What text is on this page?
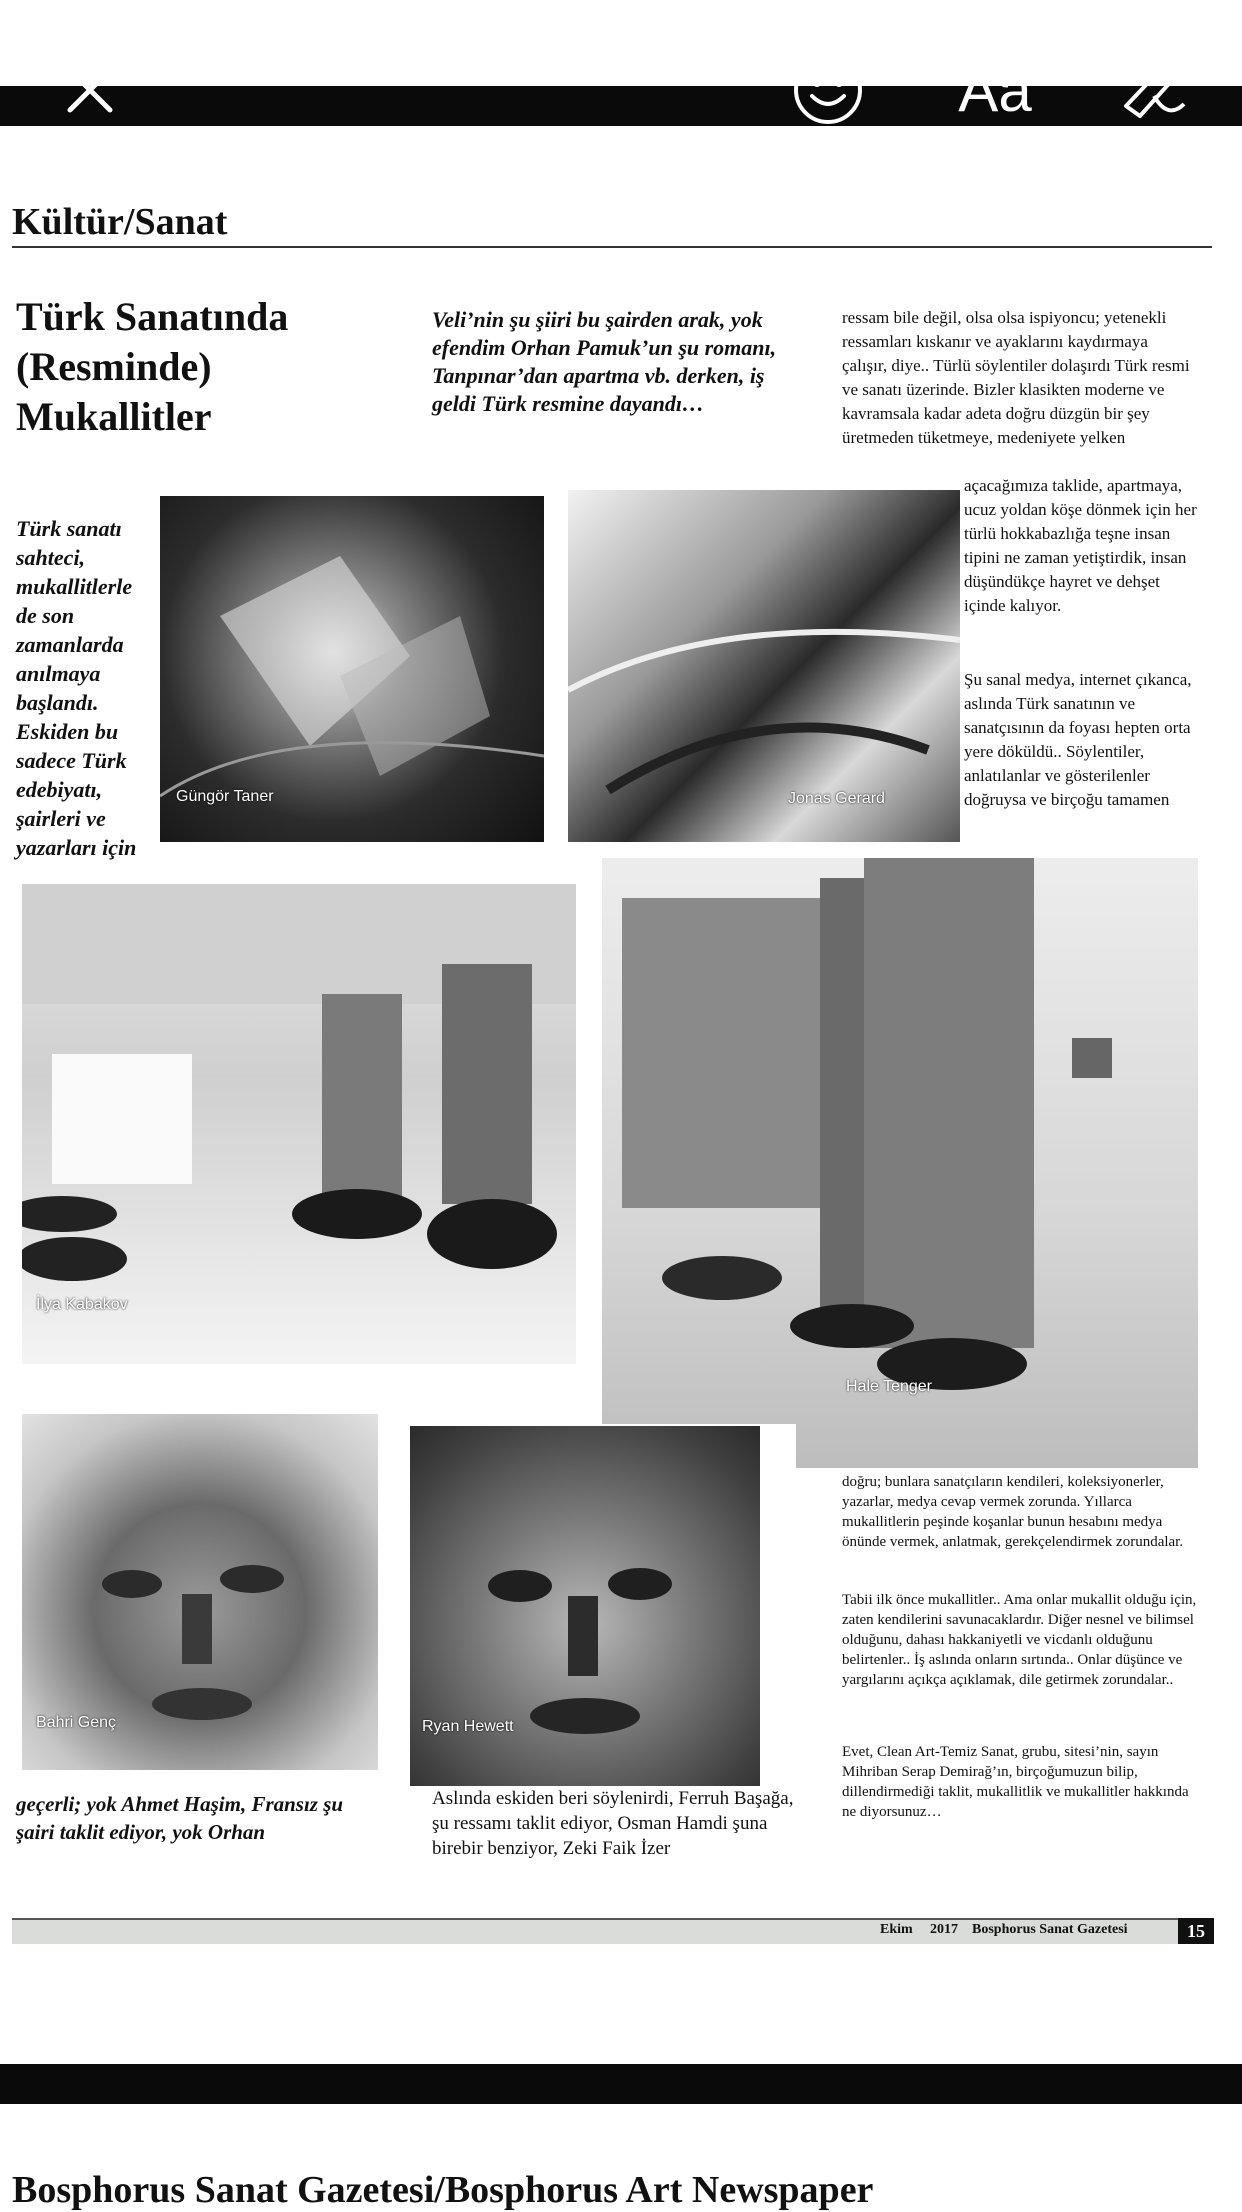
Aa
Kültür/Sanat
Türk Sanatında (Resminde) Mukallitler
Veli’nin şu şiiri bu şairden arak, yok efendim Orhan Pamuk’un şu romanı, Tanpınar’dan apartma vb. derken, iş geldi Türk resmine dayandı…
ressam bile değil, olsa olsa ispiyoncu; yetenekli ressamları kıskanır ve ayaklarını kaydırmaya çalışır, diye.. Türlü söylentiler dolaşırdı Türk resmi ve sanatı üzerinde. Bizler klasikten moderne ve kavramsala kadar adeta doğru düzgün bir şey üretmeden tüketmeye, medeniyete yelken
açacağımıza taklide, apartmaya, ucuz yoldan köşe dönmek için her türlü hokkabazlığa teşne insan tipini ne zaman yetiştirdik, insan düşündükçe hayret ve dehşet içinde kalıyor.
Şu sanal medya, internet çıkanca, aslında Türk sanatının ve sanatçısının da foyası hepten orta yere döküldü.. Söylentiler, anlatılanlar ve gösterilenler doğruysa ve birçoğu tamamen
Türk sanatı sahteci, mukallitlerle de son zamanlarda anılmaya başlandı. Eskiden bu sadece Türk edebiyatı, şairleri ve yazarları için
Güngör Taner	Jonas Gerard
İlya Kabakov
Hale Tenger
doğru; bunlara sanatçıların kendileri, koleksiyonerler, yazarlar, medya cevap vermek zorunda. Yıllarca mukallitlerin peşinde koşanlar bunun hesabını medya önünde vermek, anlatmak, gerekçelendirmek zorundalar.
Tabii ilk önce mukallitler.. Ama onlar mukallit olduğu için, zaten kendilerini savunacaklardır. Diğer nesnel ve bilimsel olduğunu, dahası hakkaniyetli ve vicdanlı olduğunu belirtenler.. İş aslında onların sırtında.. Onlar düşünce ve yargılarını açıkça açıklamak, dile getirmek zorundalar..
Evet, Clean Art-Temiz Sanat, grubu, sitesi’nin, sayın Mihriban Serap Demirağ’ın, birçoğumuzun bilip, dillendirmediği taklit, mukallitlik ve mukallitler hakkında ne diyorsunuz…
Bahri Genç	Ryan Hewett
geçerli; yok Ahmet Haşim, Fransız şu şairi taklit ediyor, yok Orhan
Aslında eskiden beri söylenirdi, Ferruh Başağa, şu ressamı taklit ediyor, Osman Hamdi şuna birebir benziyor, Zeki Faik İzer
Ekim 2017 Bosphorus Sanat Gazetesi	15
Bosphorus Sanat Gazetesi/Bosphorus Art Newspaper
